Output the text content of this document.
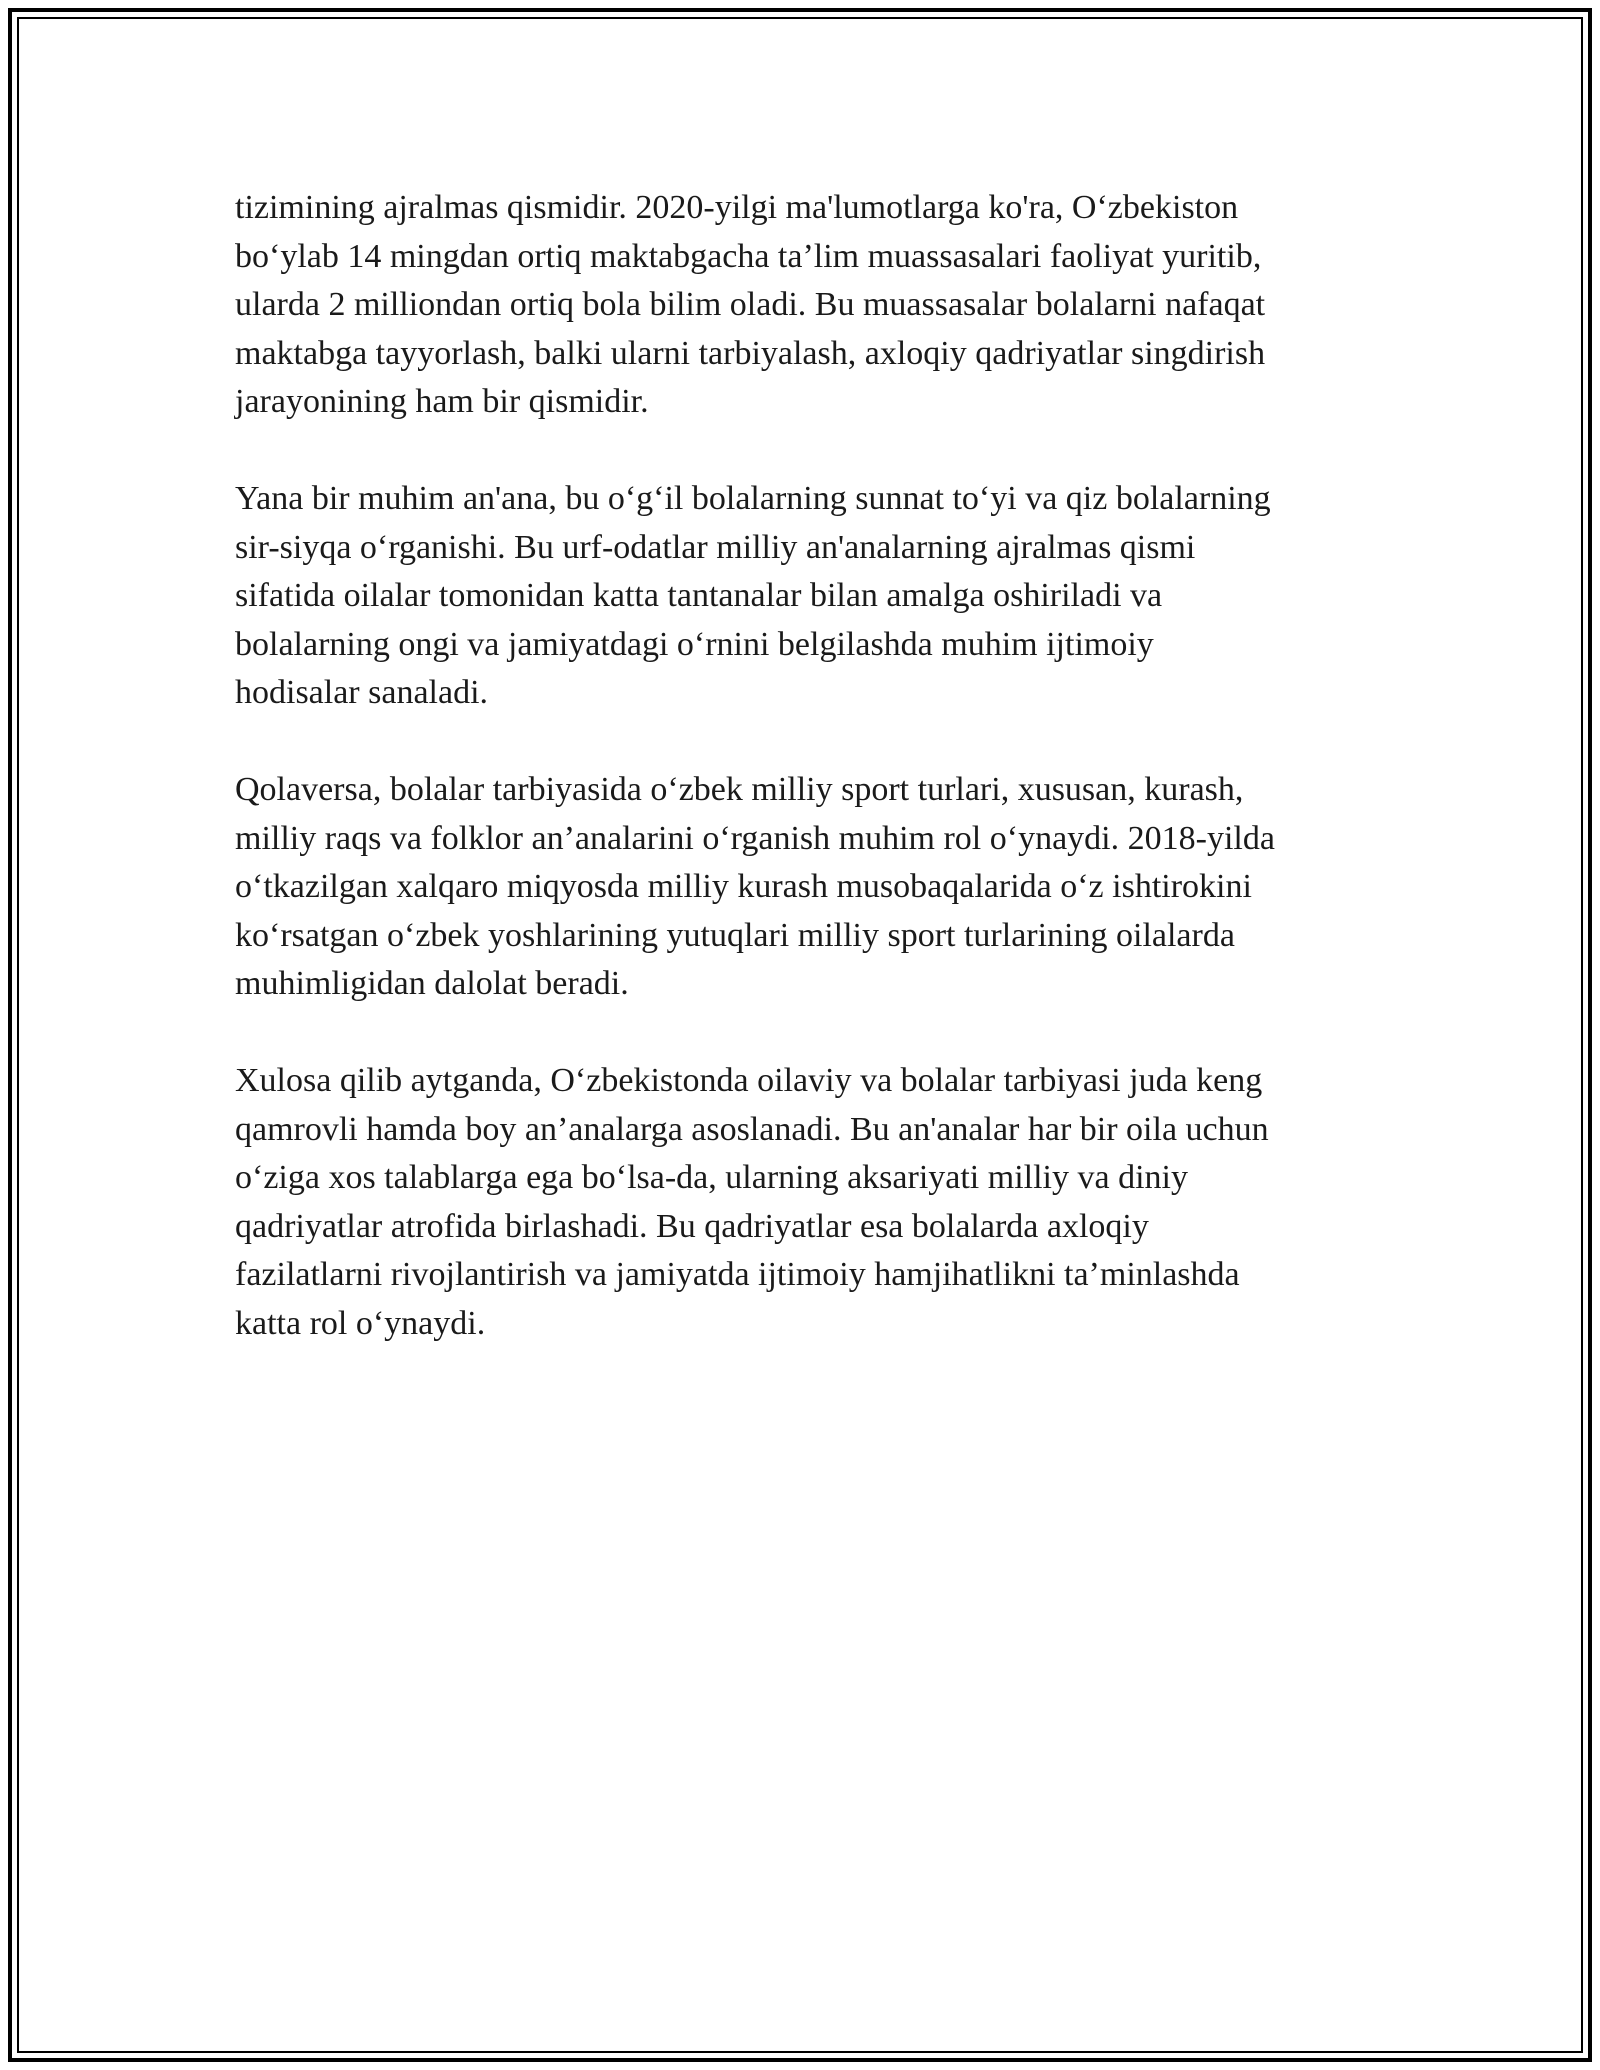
tizimining ajralmas qismidir. 2020-yilgi ma'lumotlarga ko'ra, O‘zbekiston
bo‘ylab 14 mingdan ortiq maktabgacha ta’lim muassasalari faoliyat yuritib,
ularda 2 milliondan ortiq bola bilim oladi. Bu muassasalar bolalarni nafaqat
maktabga tayyorlash, balki ularni tarbiyalash, axloqiy qadriyatlar singdirish
jarayonining ham bir qismidir.

Yana bir muhim an'ana, bu o‘g‘il bolalarning sunnat to‘yi va qiz bolalarning
sir-siyqa o‘rganishi. Bu urf-odatlar milliy an'analarning ajralmas qismi
sifatida oilalar tomonidan katta tantanalar bilan amalga oshiriladi va
bolalarning ongi va jamiyatdagi o‘rnini belgilashda muhim ijtimoiy
hodisalar sanaladi.

Qolaversa, bolalar tarbiyasida o‘zbek milliy sport turlari, xususan, kurash,
milliy raqs va folklor an’analarini o‘rganish muhim rol o‘ynaydi. 2018-yilda
o‘tkazilgan xalqaro miqyosda milliy kurash musobaqalarida o‘z ishtirokini
ko‘rsatgan o‘zbek yoshlarining yutuqlari milliy sport turlarining oilalarda
muhimligidan dalolat beradi.

Xulosa qilib aytganda, O‘zbekistonda oilaviy va bolalar tarbiyasi juda keng
qamrovli hamda boy an’analarga asoslanadi. Bu an'analar har bir oila uchun
o‘ziga xos talablarga ega bo‘lsa-da, ularning aksariyati milliy va diniy
qadriyatlar atrofida birlashadi. Bu qadriyatlar esa bolalarda axloqiy
fazilatlarni rivojlantirish va jamiyatda ijtimoiy hamjihatlikni ta’minlashda
katta rol o‘ynaydi.
